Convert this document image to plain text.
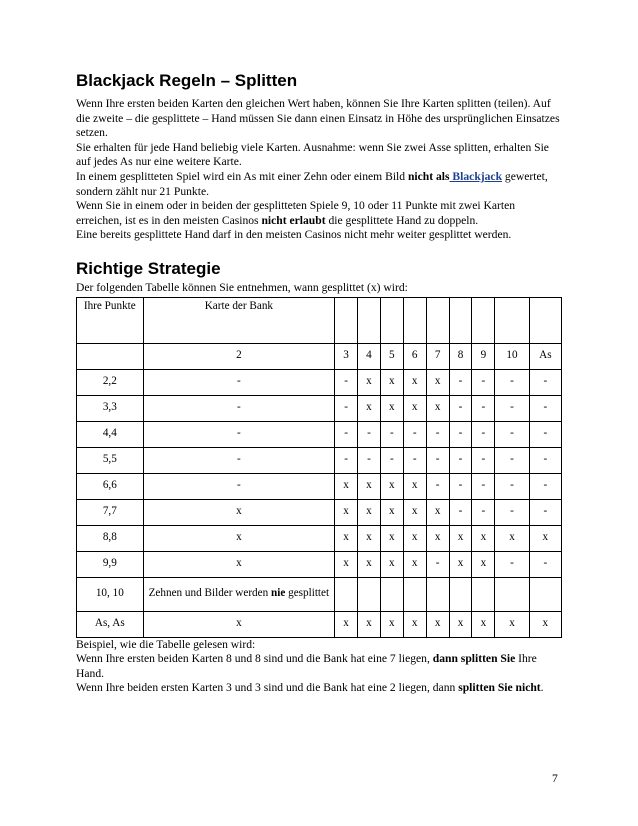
Blackjack Regeln – Splitten

Wenn Ihre ersten beiden Karten den gleichen Wert haben, können Sie Ihre Karten splitten (teilen). Auf die zweite – die gesplittete – Hand müssen Sie dann einen Einsatz in Höhe des ursprünglichen Einsatzes setzen.

Sie erhalten für jede Hand beliebig viele Karten. Ausnahme: wenn Sie zwei Asse splitten, erhalten Sie auf jedes As nur eine weitere Karte.

In einem gesplitteten Spiel wird ein As mit einer Zehn oder einem Bild nicht als Blackjack gewertet, sondern zählt nur 21 Punkte.

Wenn Sie in einem oder in beiden der gesplitteten Spiele 9, 10 oder 11 Punkte mit zwei Karten erreichen, ist es in den meisten Casinos nicht erlaubt die gesplittete Hand zu doppeln.

Eine bereits gesplittete Hand darf in den meisten Casinos nicht mehr weiter gesplittet werden.

Richtige Strategie

Der folgenden Tabelle können Sie entnehmen, wann gesplittet (x) wird:

Ihre Punkte	Karte der Bank									
	2	3	4	5	6	7	8	9	10	As
2,2	-	-	x	x	x	x	-	-	-	-
3,3	-	-	x	x	x	x	-	-	-	-
4,4	-	-	-	-	-	-	-	-	-	-
5,5	-	-	-	-	-	-	-	-	-	-
6,6	-	x	x	x	x	-	-	-	-	-
7,7	x	x	x	x	x	x	-	-	-	-
8,8	x	x	x	x	x	x	x	x	x	x
9,9	x	x	x	x	x	-	x	x	-	-
10, 10	Zehnen und Bilder werden nie gesplittet									
As, As	x	x	x	x	x	x	x	x	x	x

Beispiel, wie die Tabelle gelesen wird:

Wenn Ihre ersten beiden Karten 8 und 8 sind und die Bank hat eine 7 liegen, dann splitten Sie Ihre Hand.

Wenn Ihre beiden ersten Karten 3 und 3 sind und die Bank hat eine 2 liegen, dann splitten Sie nicht.

7
